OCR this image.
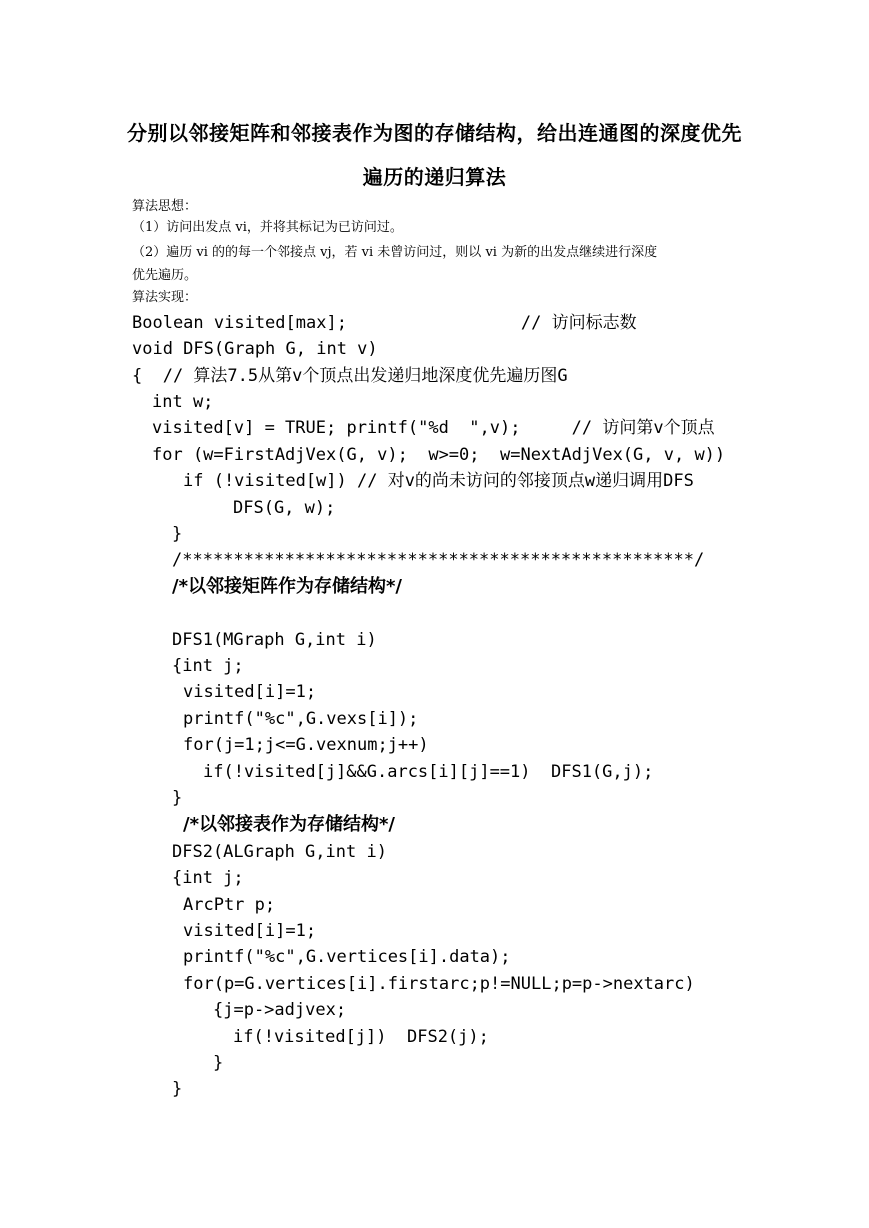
分别以邻接矩阵和邻接表作为图的存储结构，给出连通图的深度优先
遍历的递归算法
算法思想：
（1）访问出发点 vi，并将其标记为已访问过。
（2）遍历 vi 的的每一个邻接点 vj，若 vi 未曾访问过，则以 vi 为新的出发点继续进行深度
优先遍历。
算法实现：
Boolean visited[max];                 // 访问标志数
void DFS(Graph G, int v)
{  // 算法7.5从第v个顶点出发递归地深度优先遍历图G
int w;
visited[v] = TRUE; printf("%d  ",v);     // 访问第v个顶点
for (w=FirstAdjVex(G, v);  w>=0;  w=NextAdjVex(G, v, w))
if (!visited[w]) // 对v的尚未访问的邻接顶点w递归调用DFS
DFS(G, w);
}
/**************************************************/
/*以邻接矩阵作为存储结构*/
DFS1(MGraph G,int i)
{int j;
visited[i]=1;
printf("%c",G.vexs[i]);
for(j=1;j<=G.vexnum;j++)
if(!visited[j]&&G.arcs[i][j]==1)  DFS1(G,j);
}
/*以邻接表作为存储结构*/
DFS2(ALGraph G,int i)
{int j;
ArcPtr p;
visited[i]=1;
printf("%c",G.vertices[i].data);
for(p=G.vertices[i].firstarc;p!=NULL;p=p->nextarc)
{j=p->adjvex;
if(!visited[j])  DFS2(j);
}
}
